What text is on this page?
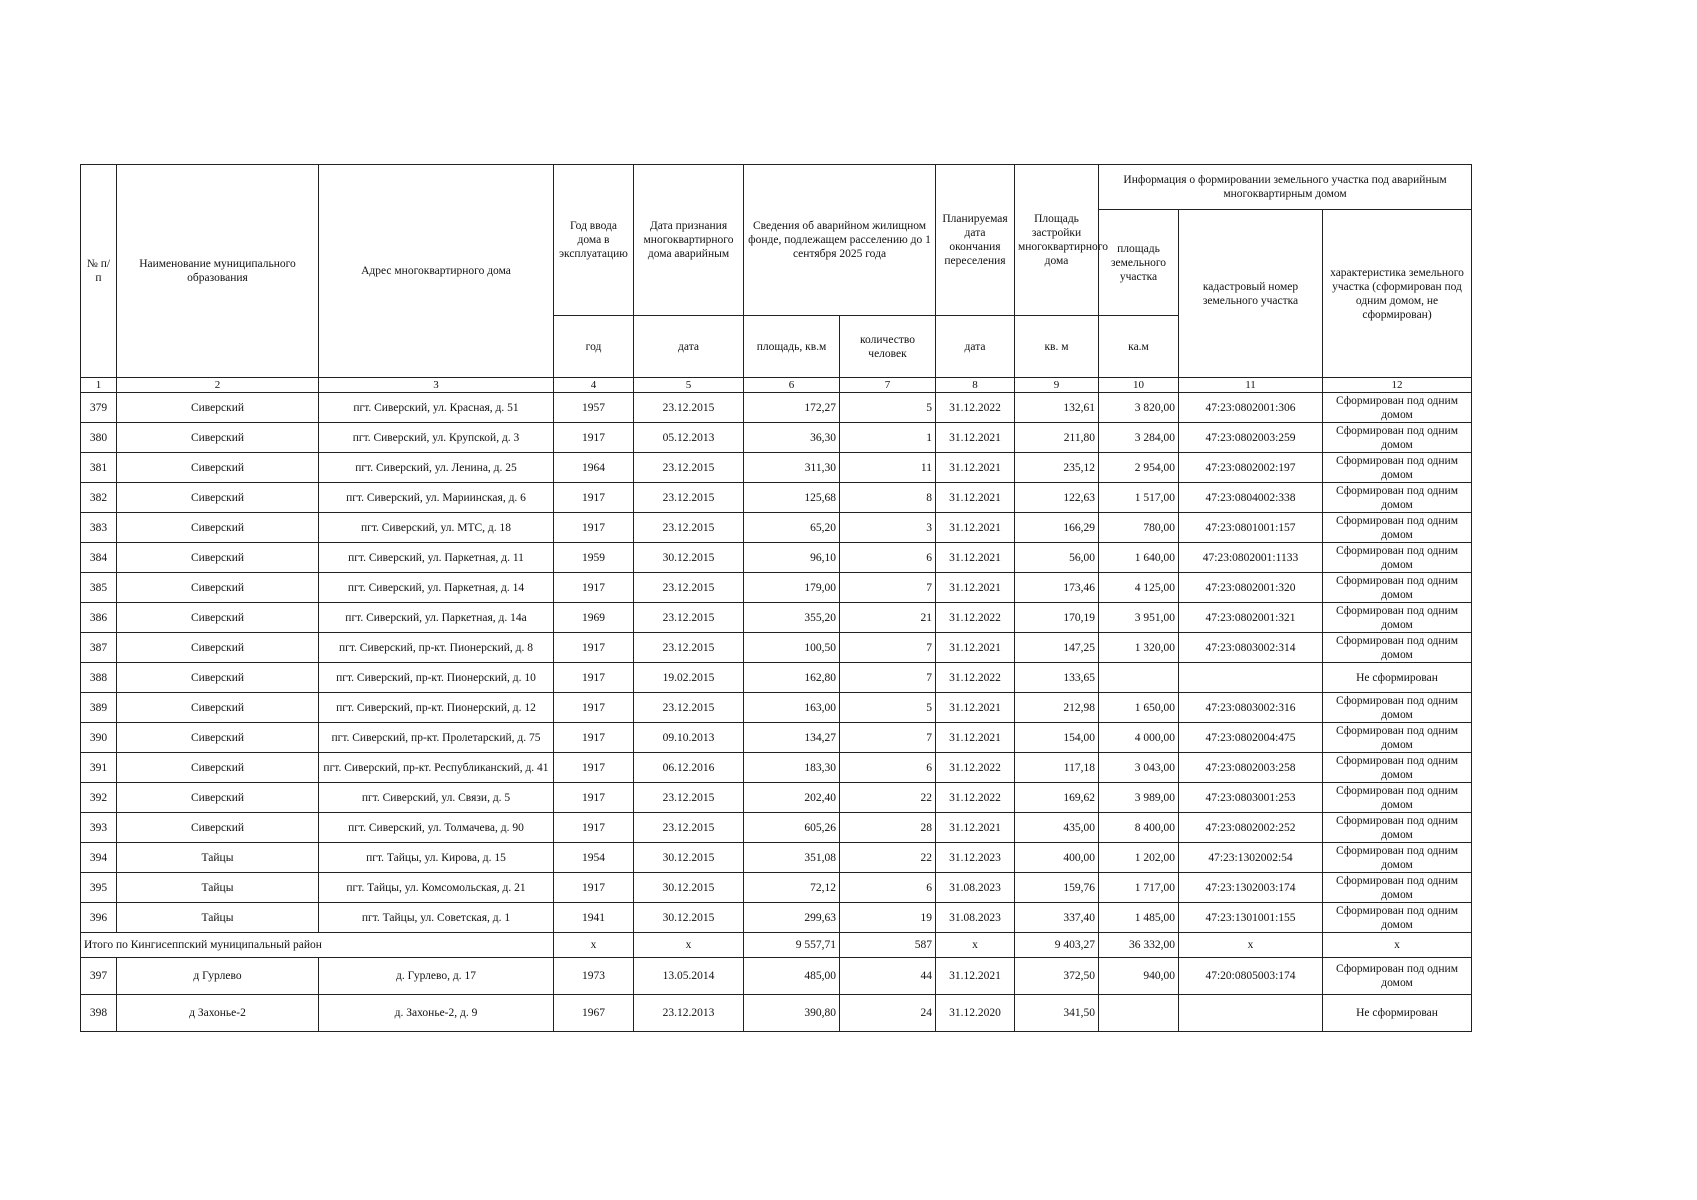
№ п/п	Наименование муниципального образования	Адрес многоквартирного дома	Год ввода дома в эксплуатацию	Дата признания многоквартирного дома аварийным	Сведения об аварийном жилищном фонде, подлежащем расселению до 1 сентября 2025 года		Планируемая дата окончания переселения	Площадь застройки многоквартирного дома	Информация о формировании земельного участка под аварийным многоквартирным домом		
									площадь земельного участка	кадастровый номер земельного участка	характеристика земельного участка (сформирован под одним домом, не сформирован)
			год	дата	площадь, кв.м	количество человек	дата	кв. м	ка.м		
1	2	3	4	5	6	7	8	9	10	11	12
379	Сиверский	пгт. Сиверский, ул. Красная, д. 51	1957	23.12.2015	172,27	5	31.12.2022	132,61	3 820,00	47:23:0802001:306	Сформирован под одним домом
380	Сиверский	пгт. Сиверский, ул. Крупской, д. 3	1917	05.12.2013	36,30	1	31.12.2021	211,80	3 284,00	47:23:0802003:259	Сформирован под одним домом
381	Сиверский	пгт. Сиверский, ул. Ленина, д. 25	1964	23.12.2015	311,30	11	31.12.2021	235,12	2 954,00	47:23:0802002:197	Сформирован под одним домом
382	Сиверский	пгт. Сиверский, ул. Мариинская, д. 6	1917	23.12.2015	125,68	8	31.12.2021	122,63	1 517,00	47:23:0804002:338	Сформирован под одним домом
383	Сиверский	пгт. Сиверский, ул. МТС, д. 18	1917	23.12.2015	65,20	3	31.12.2021	166,29	780,00	47:23:0801001:157	Сформирован под одним домом
384	Сиверский	пгт. Сиверский, ул. Паркетная, д. 11	1959	30.12.2015	96,10	6	31.12.2021	56,00	1 640,00	47:23:0802001:1133	Сформирован под одним домом
385	Сиверский	пгт. Сиверский, ул. Паркетная, д. 14	1917	23.12.2015	179,00	7	31.12.2021	173,46	4 125,00	47:23:0802001:320	Сформирован под одним домом
386	Сиверский	пгт. Сиверский, ул. Паркетная, д. 14а	1969	23.12.2015	355,20	21	31.12.2022	170,19	3 951,00	47:23:0802001:321	Сформирован под одним домом
387	Сиверский	пгт. Сиверский, пр-кт. Пионерский, д. 8	1917	23.12.2015	100,50	7	31.12.2021	147,25	1 320,00	47:23:0803002:314	Сформирован под одним домом
388	Сиверский	пгт. Сиверский, пр-кт. Пионерский, д. 10	1917	19.02.2015	162,80	7	31.12.2022	133,65			Не сформирован
389	Сиверский	пгт. Сиверский, пр-кт. Пионерский, д. 12	1917	23.12.2015	163,00	5	31.12.2021	212,98	1 650,00	47:23:0803002:316	Сформирован под одним домом
390	Сиверский	пгт. Сиверский, пр-кт. Пролетарский, д. 75	1917	09.10.2013	134,27	7	31.12.2021	154,00	4 000,00	47:23:0802004:475	Сформирован под одним домом
391	Сиверский	пгт. Сиверский, пр-кт. Республиканский, д. 41	1917	06.12.2016	183,30	6	31.12.2022	117,18	3 043,00	47:23:0802003:258	Сформирован под одним домом
392	Сиверский	пгт. Сиверский, ул. Связи, д. 5	1917	23.12.2015	202,40	22	31.12.2022	169,62	3 989,00	47:23:0803001:253	Сформирован под одним домом
393	Сиверский	пгт. Сиверский, ул. Толмачева, д. 90	1917	23.12.2015	605,26	28	31.12.2021	435,00	8 400,00	47:23:0802002:252	Сформирован под одним домом
394	Тайцы	пгт. Тайцы, ул. Кирова, д. 15	1954	30.12.2015	351,08	22	31.12.2023	400,00	1 202,00	47:23:1302002:54	Сформирован под одним домом
395	Тайцы	пгт. Тайцы, ул. Комсомольская, д. 21	1917	30.12.2015	72,12	6	31.08.2023	159,76	1 717,00	47:23:1302003:174	Сформирован под одним домом
396	Тайцы	пгт. Тайцы, ул. Советская, д. 1	1941	30.12.2015	299,63	19	31.08.2023	337,40	1 485,00	47:23:1301001:155	Сформирован под одним домом
Итого по Кингисеппский муниципальный район			x	x	9 557,71	587	x	9 403,27	36 332,00	x	x
397	д Гурлево	д. Гурлево, д. 17	1973	13.05.2014	485,00	44	31.12.2021	372,50	940,00	47:20:0805003:174	Сформирован под одним домом
398	д Захонье-2	д. Захонье-2, д. 9	1967	23.12.2013	390,80	24	31.12.2020	341,50			Не сформирован
